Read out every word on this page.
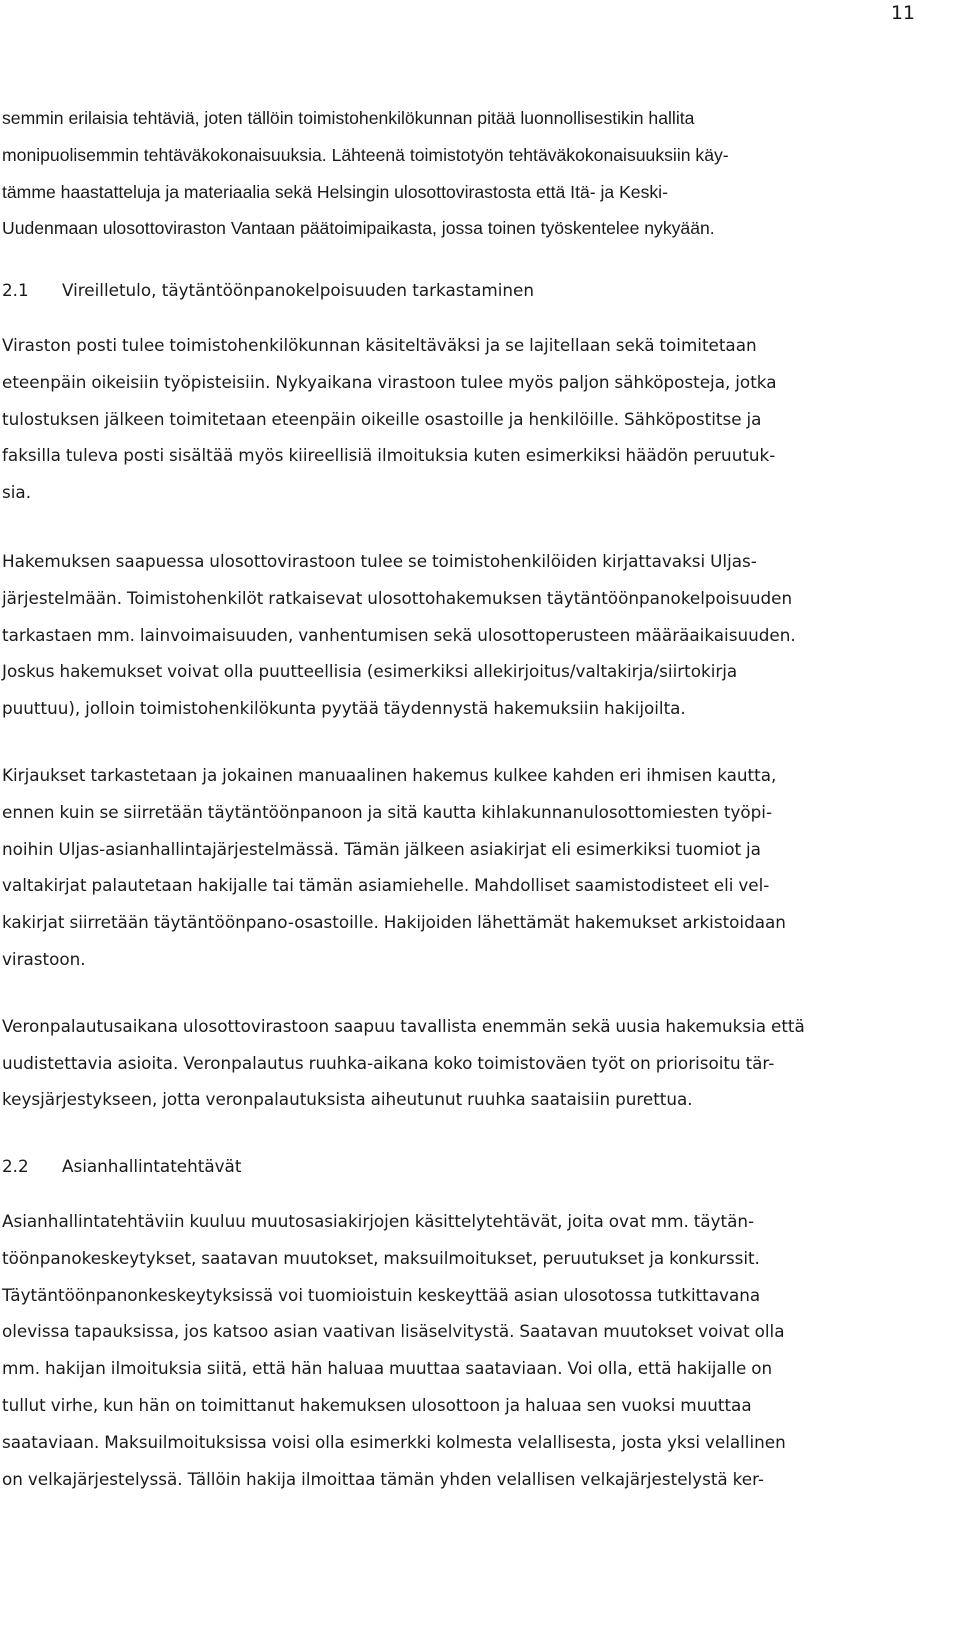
11

semmin erilaisia tehtäviä, joten tällöin toimistohenkilökunnan pitää luonnollisestikin hallita
monipuolisemmin tehtäväkokonaisuuksia. Lähteenä toimistotyön tehtäväkokonaisuuksiin käy-
tämme haastatteluja ja materiaalia sekä Helsingin ulosottovirastosta että Itä- ja Keski-
Uudenmaan ulosottoviraston Vantaan päätoimipaikasta, jossa toinen työskentelee nykyään.

2.1	Vireilletulo, täytäntöönpanokelpoisuuden tarkastaminen

Viraston posti tulee toimistohenkilökunnan käsiteltäväksi ja se lajitellaan sekä toimitetaan
eteenpäin oikeisiin työpisteisiin. Nykyaikana virastoon tulee myös paljon sähköposteja, jotka
tulostuksen jälkeen toimitetaan eteenpäin oikeille osastoille ja henkilöille. Sähköpostitse ja
faksilla tuleva posti sisältää myös kiireellisiä ilmoituksia kuten esimerkiksi häädön peruutuk-
sia.

Hakemuksen saapuessa ulosottovirastoon tulee se toimistohenkilöiden kirjattavaksi Uljas-
järjestelmään. Toimistohenkilöt ratkaisevat ulosottohakemuksen täytäntöönpanokelpoisuuden
tarkastaen mm. lainvoimaisuuden, vanhentumisen sekä ulosottoperusteen määräaikaisuuden.
Joskus hakemukset voivat olla puutteellisia (esimerkiksi allekirjoitus/valtakirja/siirtokirja
puuttuu), jolloin toimistohenkilökunta pyytää täydennystä hakemuksiin hakijoilta.

Kirjaukset tarkastetaan ja jokainen manuaalinen hakemus kulkee kahden eri ihmisen kautta,
ennen kuin se siirretään täytäntöönpanoon ja sitä kautta kihlakunnanulosottomiesten työpi-
noihin Uljas-asianhallintajärjestelmässä. Tämän jälkeen asiakirjat eli esimerkiksi tuomiot ja
valtakirjat palautetaan hakijalle tai tämän asiamiehelle. Mahdolliset saamistodisteet eli vel-
kakirjat siirretään täytäntöönpano-osastoille. Hakijoiden lähettämät hakemukset arkistoidaan
virastoon.

Veronpalautusaikana ulosottovirastoon saapuu tavallista enemmän sekä uusia hakemuksia että
uudistettavia asioita. Veronpalautus ruuhka-aikana koko toimistoväen työt on priorisoitu tär-
keysjärjestykseen, jotta veronpalautuksista aiheutunut ruuhka saataisiin purettua.

2.2	Asianhallintatehtävät

Asianhallintatehtäviin kuuluu muutosasiakirjojen käsittelytehtävät, joita ovat mm. täytän-
töönpanokeskeytykset, saatavan muutokset, maksuilmoitukset, peruutukset ja konkurssit.
Täytäntöönpanonkeskeytyksissä voi tuomioistuin keskeyttää asian ulosotossa tutkittavana
olevissa tapauksissa, jos katsoo asian vaativan lisäselvitystä. Saatavan muutokset voivat olla
mm. hakijan ilmoituksia siitä, että hän haluaa muuttaa saataviaan. Voi olla, että hakijalle on
tullut virhe, kun hän on toimittanut hakemuksen ulosottoon ja haluaa sen vuoksi muuttaa
saataviaan. Maksuilmoituksissa voisi olla esimerkki kolmesta velallisesta, josta yksi velallinen
on velkajärjestelyssä. Tällöin hakija ilmoittaa tämän yhden velallisen velkajärjestelystä ker-
